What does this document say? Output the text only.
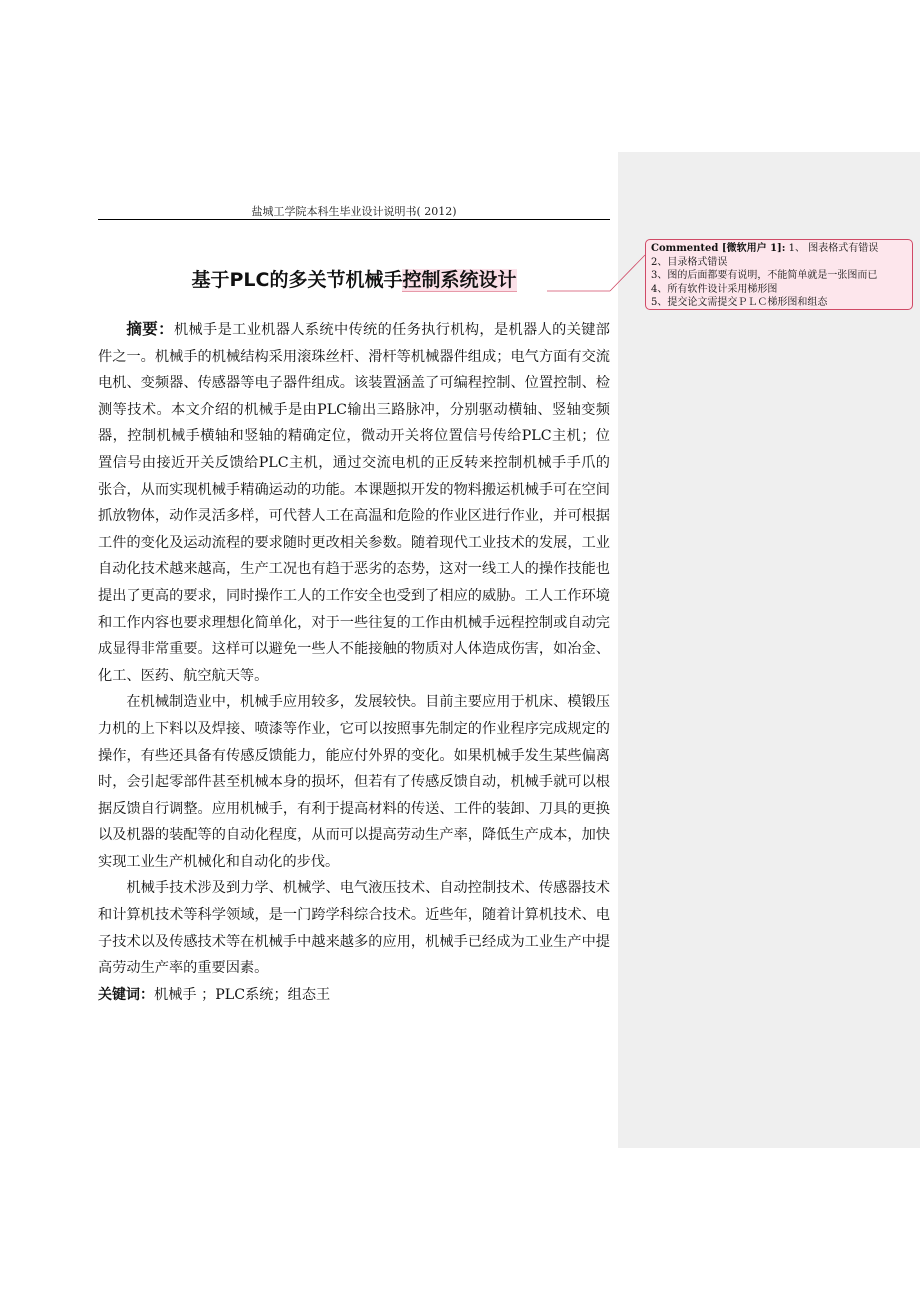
盐城工学院本科生毕业设计说明书( 2012)
基于PLC的多关节机械手控制系统设计

摘要：机械手是工业机器人系统中传统的任务执行机构，是机器人的关键部件之一。机械手的机械结构采用滚珠丝杆、滑杆等机械器件组成；电气方面有交流电机、变频器、传感器等电子器件组成。该装置涵盖了可编程控制、位置控制、检测等技术。本文介绍的机械手是由PLC输出三路脉冲，分别驱动横轴、竖轴变频器，控制机械手横轴和竖轴的精确定位，微动开关将位置信号传给PLC主机；位置信号由接近开关反馈给PLC主机，通过交流电机的正反转来控制机械手手爪的张合，从而实现机械手精确运动的功能。本课题拟开发的物料搬运机械手可在空间抓放物体，动作灵活多样，可代替人工在高温和危险的作业区进行作业，并可根据工件的变化及运动流程的要求随时更改相关参数。随着现代工业技术的发展，工业自动化技术越来越高，生产工况也有趋于恶劣的态势，这对一线工人的操作技能也提出了更高的要求，同时操作工人的工作安全也受到了相应的威胁。工人工作环境和工作内容也要求理想化简单化，对于一些往复的工作由机械手远程控制或自动完成显得非常重要。这样可以避免一些人不能接触的物质对人体造成伤害，如冶金、化工、医药、航空航天等。

在机械制造业中，机械手应用较多，发展较快。目前主要应用于机床、模锻压力机的上下料以及焊接、喷漆等作业，它可以按照事先制定的作业程序完成规定的操作，有些还具备有传感反馈能力，能应付外界的变化。如果机械手发生某些偏离时，会引起零部件甚至机械本身的损坏，但若有了传感反馈自动，机械手就可以根据反馈自行调整。应用机械手，有利于提高材料的传送、工件的装卸、刀具的更换以及机器的装配等的自动化程度，从而可以提高劳动生产率，降低生产成本，加快实现工业生产机械化和自动化的步伐。

机械手技术涉及到力学、机械学、电气液压技术、自动控制技术、传感器技术和计算机技术等科学领域，是一门跨学科综合技术。近些年，随着计算机技术、电子技术以及传感技术等在机械手中越来越多的应用，机械手已经成为工业生产中提高劳动生产率的重要因素。

关键词：机械手 ；PLC系统；组态王

Commented [微软用户 1]: 1、 图表格式有错误
2、目录格式错误
3、图的后面都要有说明，不能简单就是一张图而已
4、所有软件设计采用梯形图
5、提交论文需提交ＰＬＣ梯形图和组态
